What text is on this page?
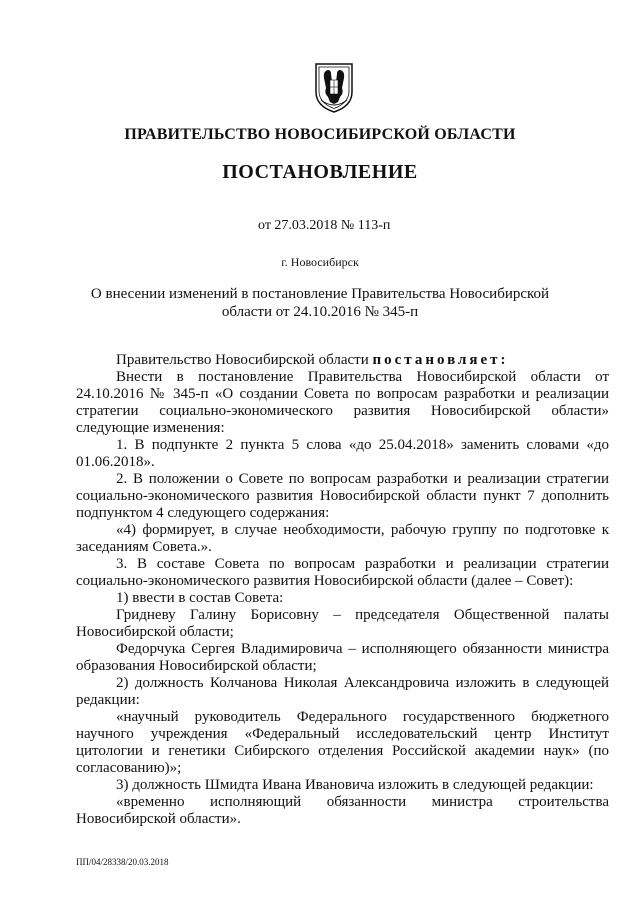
ПРАВИТЕЛЬСТВО НОВОСИБИРСКОЙ ОБЛАСТИ
ПОСТАНОВЛЕНИЕ
от 27.03.2018 № 113-п
г. Новосибирск
О внесении изменений в постановление Правительства Новосибирской области от 24.10.2016 № 345-п

Правительство Новосибирской области постановляет:

Внести в постановление Правительства Новосибирской области от 24.10.2016 № 345-п «О создании Совета по вопросам разработки и реализации стратегии социально-экономического развития Новосибирской области» следующие изменения:

1. В подпункте 2 пункта 5 слова «до 25.04.2018» заменить словами «до 01.06.2018».

2. В положении о Совете по вопросам разработки и реализации стратегии социально-экономического развития Новосибирской области пункт 7 дополнить подпунктом 4 следующего содержания:

«4) формирует, в случае необходимости, рабочую группу по подготовке к заседаниям Совета.».

3. В составе Совета по вопросам разработки и реализации стратегии социально-экономического развития Новосибирской области (далее – Совет):

1) ввести в состав Совета:

Гридневу Галину Борисовну – председателя Общественной палаты Новосибирской области;

Федорчука Сергея Владимировича – исполняющего обязанности министра образования Новосибирской области;

2) должность Колчанова Николая Александровича изложить в следующей редакции:

«научный руководитель Федерального государственного бюджетного научного учреждения «Федеральный исследовательский центр Институт цитологии и генетики Сибирского отделения Российской академии наук» (по согласованию)»;

3) должность Шмидта Ивана Ивановича изложить в следующей редакции:

«временно исполняющий обязанности министра строительства Новосибирской области».

ПП/04/28338/20.03.2018
